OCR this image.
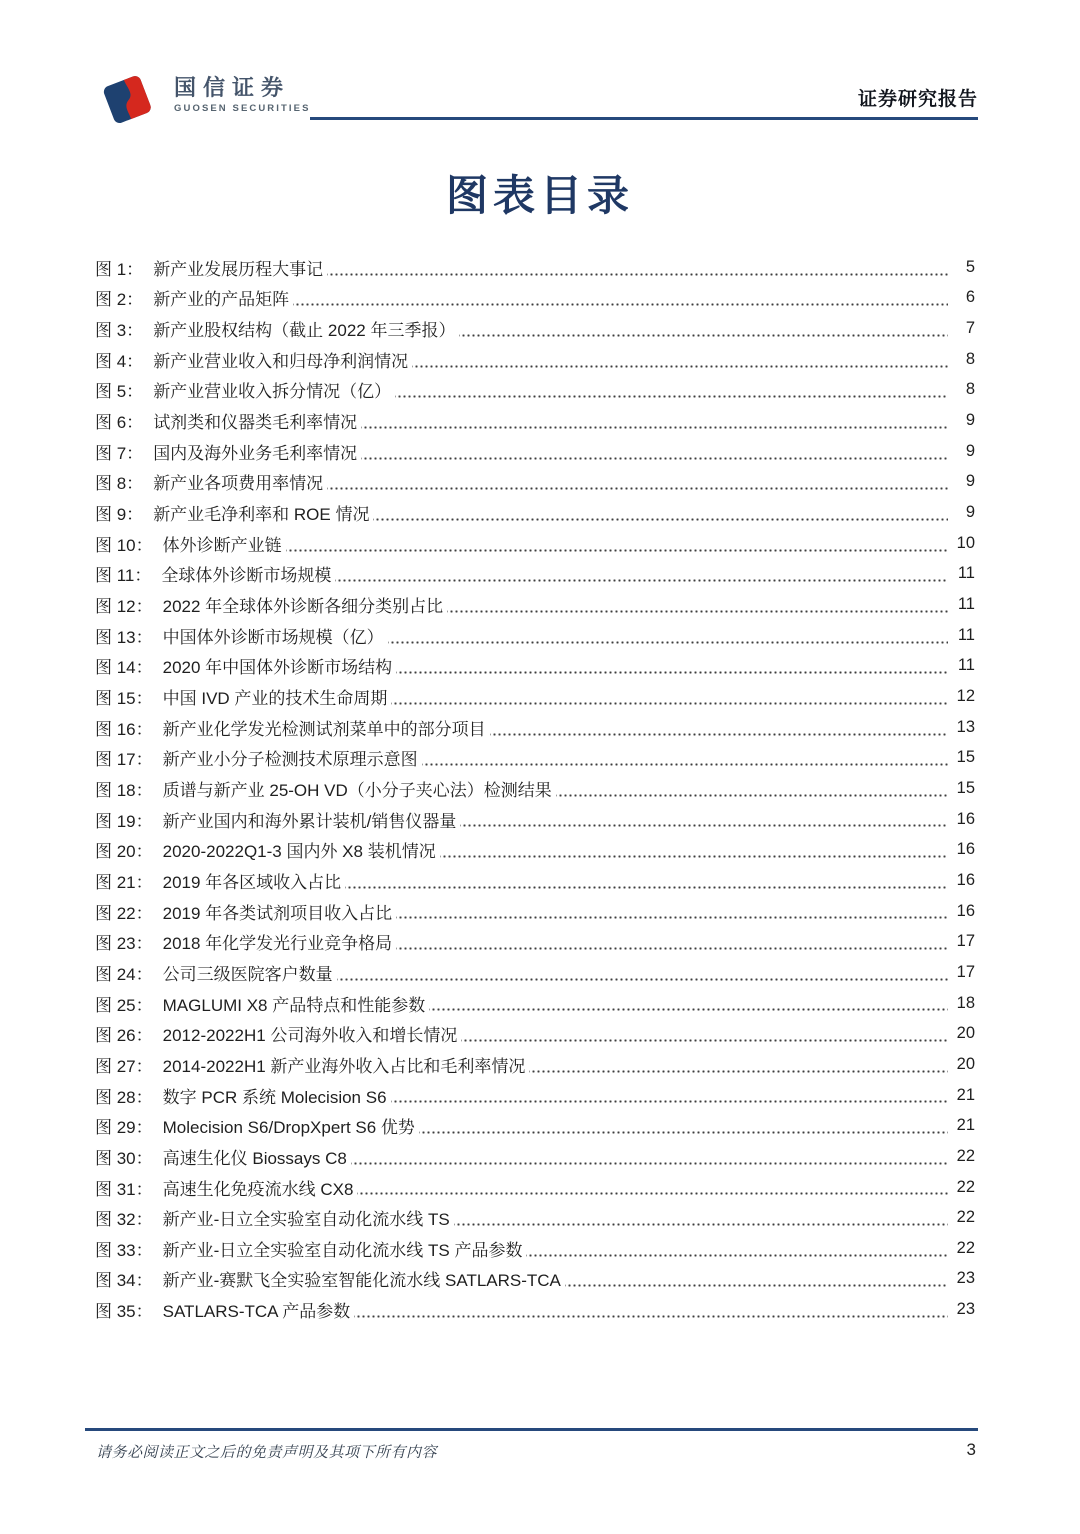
国信证券
GUOSEN SECURITIES	证券研究报告
图表目录
图 1： 新产业发展历程大事记	5
图 2： 新产业的产品矩阵	6
图 3： 新产业股权结构（截止 2022 年三季报）	7
图 4： 新产业营业收入和归母净利润情况	8
图 5： 新产业营业收入拆分情况（亿）	8
图 6： 试剂类和仪器类毛利率情况	9
图 7： 国内及海外业务毛利率情况	9
图 8： 新产业各项费用率情况	9
图 9： 新产业毛净利率和 ROE 情况	9
图 10： 体外诊断产业链	10
图 11： 全球体外诊断市场规模	11
图 12： 2022 年全球体外诊断各细分类别占比	11
图 13： 中国体外诊断市场规模（亿）	11
图 14： 2020 年中国体外诊断市场结构	11
图 15： 中国 IVD 产业的技术生命周期	12
图 16： 新产业化学发光检测试剂菜单中的部分项目	13
图 17： 新产业小分子检测技术原理示意图	15
图 18： 质谱与新产业 25-OH VD（小分子夹心法）检测结果	15
图 19： 新产业国内和海外累计装机/销售仪器量	16
图 20： 2020-2022Q1-3 国内外 X8 装机情况	16
图 21： 2019 年各区域收入占比	16
图 22： 2019 年各类试剂项目收入占比	16
图 23： 2018 年化学发光行业竞争格局	17
图 24： 公司三级医院客户数量	17
图 25： MAGLUMI X8 产品特点和性能参数	18
图 26： 2012-2022H1 公司海外收入和增长情况	20
图 27： 2014-2022H1 新产业海外收入占比和毛利率情况	20
图 28： 数字 PCR 系统 Molecision S6	21
图 29： Molecision S6/DropXpert S6 优势	21
图 30： 高速生化仪 Biossays C8	22
图 31： 高速生化免疫流水线 CX8	22
图 32： 新产业-日立全实验室自动化流水线 TS	22
图 33： 新产业-日立全实验室自动化流水线 TS 产品参数	22
图 34： 新产业-赛默飞全实验室智能化流水线 SATLARS-TCA	23
图 35： SATLARS-TCA 产品参数	23
请务必阅读正文之后的免责声明及其项下所有内容	3
